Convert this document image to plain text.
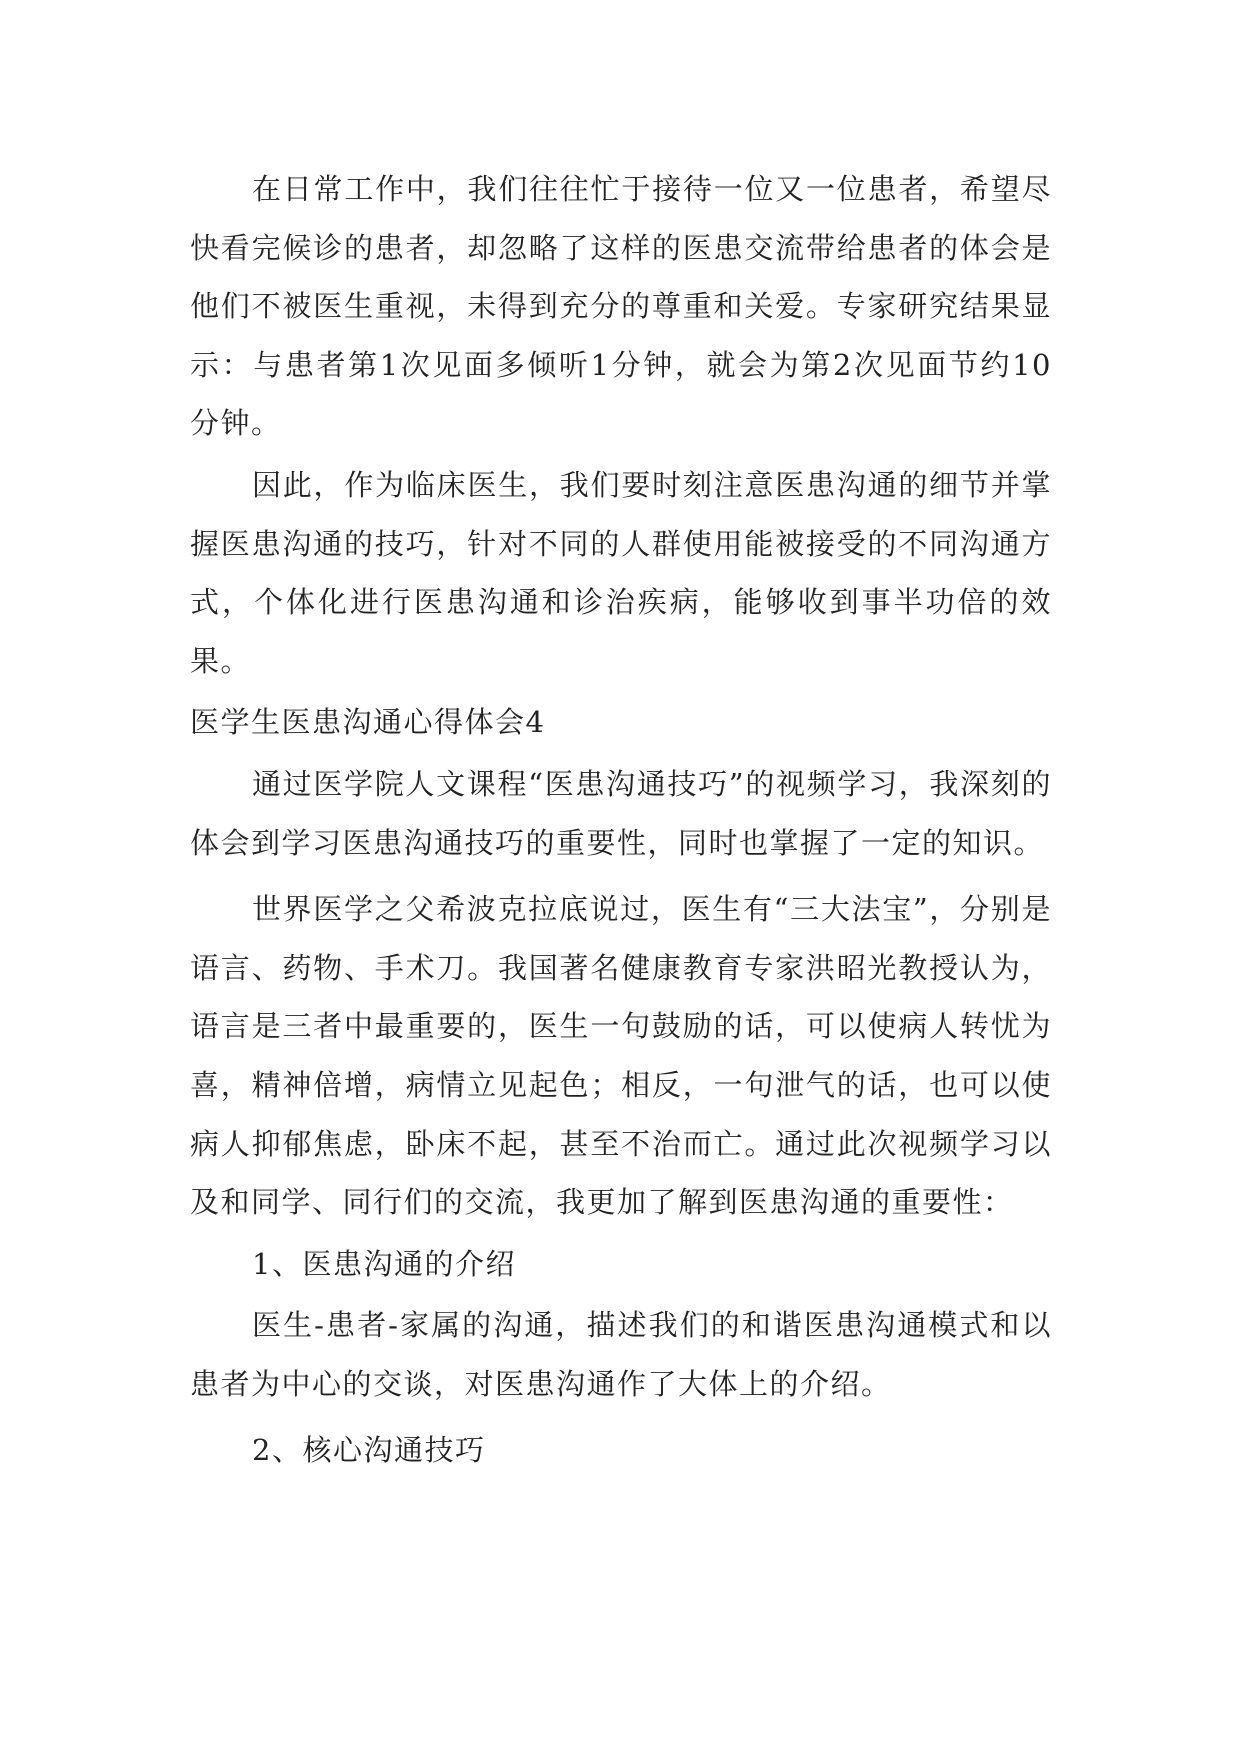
在日常工作中，我们往往忙于接待一位又一位患者，希望尽快看完候诊的患者，却忽略了这样的医患交流带给患者的体会是他们不被医生重视，未得到充分的尊重和关爱。专家研究结果显示：与患者第1次见面多倾听1分钟，就会为第2次见面节约10分钟。

因此，作为临床医生，我们要时刻注意医患沟通的细节并掌握医患沟通的技巧，针对不同的人群使用能被接受的不同沟通方式，个体化进行医患沟通和诊治疾病，能够收到事半功倍的效果。

医学生医患沟通心得体会4

通过医学院人文课程“医患沟通技巧”的视频学习，我深刻的体会到学习医患沟通技巧的重要性，同时也掌握了一定的知识。

世界医学之父希波克拉底说过，医生有“三大法宝”，分别是语言、药物、手术刀。我国著名健康教育专家洪昭光教授认为，语言是三者中最重要的，医生一句鼓励的话，可以使病人转忧为喜，精神倍增，病情立见起色；相反，一句泄气的话，也可以使病人抑郁焦虑，卧床不起，甚至不治而亡。通过此次视频学习以及和同学、同行们的交流，我更加了解到医患沟通的重要性：

1、医患沟通的介绍

医生-患者-家属的沟通，描述我们的和谐医患沟通模式和以患者为中心的交谈，对医患沟通作了大体上的介绍。

2、核心沟通技巧
